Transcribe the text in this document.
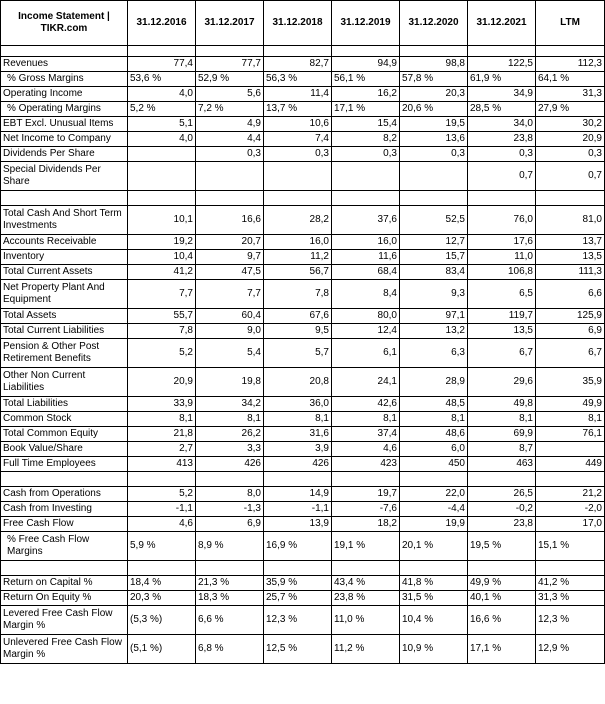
Income Statement | TIKR.com	31.12.2016	31.12.2017	31.12.2018	31.12.2019	31.12.2020	31.12.2021	LTM

Revenues	77,4	77,7	82,7	94,9	98,8	122,5	112,3
% Gross Margins	53,6 %	52,9 %	56,3 %	56,1 %	57,8 %	61,9 %	64,1 %
Operating Income	4,0	5,6	11,4	16,2	20,3	34,9	31,3
% Operating Margins	5,2 %	7,2 %	13,7 %	17,1 %	20,6 %	28,5 %	27,9 %
EBT Excl. Unusual Items	5,1	4,9	10,6	15,4	19,5	34,0	30,2
Net Income to Company	4,0	4,4	7,4	8,2	13,6	23,8	20,9
Dividends Per Share		0,3	0,3	0,3	0,3	0,3	0,3
Special Dividends Per Share						0,7	0,7

Total Cash And Short Term Investments	10,1	16,6	28,2	37,6	52,5	76,0	81,0
Accounts Receivable	19,2	20,7	16,0	16,0	12,7	17,6	13,7
Inventory	10,4	9,7	11,2	11,6	15,7	11,0	13,5
Total Current Assets	41,2	47,5	56,7	68,4	83,4	106,8	111,3
Net Property Plant And Equipment	7,7	7,7	7,8	8,4	9,3	6,5	6,6
Total Assets	55,7	60,4	67,6	80,0	97,1	119,7	125,9
Total Current Liabilities	7,8	9,0	9,5	12,4	13,2	13,5	6,9
Pension & Other Post Retirement Benefits	5,2	5,4	5,7	6,1	6,3	6,7	6,7
Other Non Current Liabilities	20,9	19,8	20,8	24,1	28,9	29,6	35,9
Total Liabilities	33,9	34,2	36,0	42,6	48,5	49,8	49,9
Common Stock	8,1	8,1	8,1	8,1	8,1	8,1	8,1
Total Common Equity	21,8	26,2	31,6	37,4	48,6	69,9	76,1
Book Value/Share	2,7	3,3	3,9	4,6	6,0	8,7	
Full Time Employees	413	426	426	423	450	463	449

Cash from Operations	5,2	8,0	14,9	19,7	22,0	26,5	21,2
Cash from Investing	-1,1	-1,3	-1,1	-7,6	-4,4	-0,2	-2,0
Free Cash Flow	4,6	6,9	13,9	18,2	19,9	23,8	17,0
% Free Cash Flow Margins	5,9 %	8,9 %	16,9 %	19,1 %	20,1 %	19,5 %	15,1 %

Return on Capital %	18,4 %	21,3 %	35,9 %	43,4 %	41,8 %	49,9 %	41,2 %
Return On Equity %	20,3 %	18,3 %	25,7 %	23,8 %	31,5 %	40,1 %	31,3 %
Levered Free Cash Flow Margin %	(5,3 %)	6,6 %	12,3 %	11,0 %	10,4 %	16,6 %	12,3 %
Unlevered Free Cash Flow Margin %	(5,1 %)	6,8 %	12,5 %	11,2 %	10,9 %	17,1 %	12,9 %
